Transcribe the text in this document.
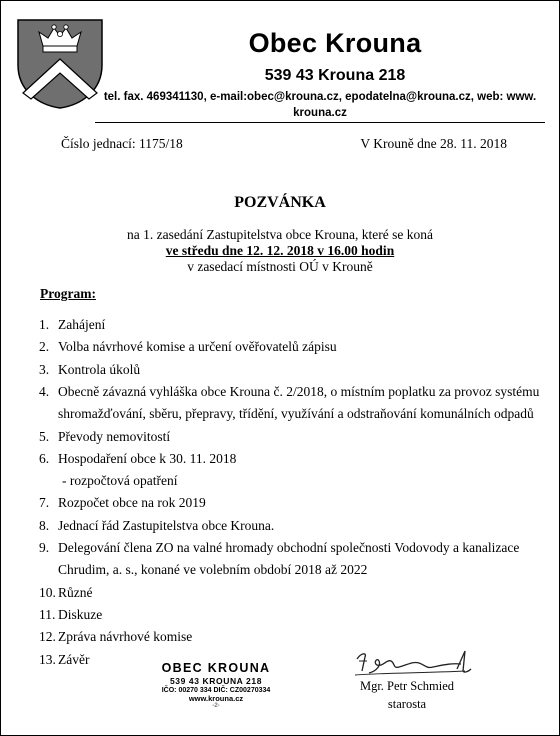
Obec Krouna
539 43 Krouna 218
tel. fax. 469341130, e-mail:obec@krouna.cz, epodatelna@krouna.cz, web: www.
krouna.cz
Číslo jednací: 1175/18	V Krouně dne 28. 11. 2018
POZVÁNKA
na 1. zasedání Zastupitelstva obce Krouna, které se koná
ve středu dne 12. 12. 2018 v 16.00 hodin
v zasedací místnosti OÚ v Krouně
Program:
1. Zahájení
2. Volba návrhové komise a určení ověřovatelů zápisu
3. Kontrola úkolů
4. Obecně závazná vyhláška obce Krouna č. 2/2018, o místním poplatku za provoz systému
shromažďování, sběru, přepravy, třídění, využívání a odstraňování komunálních odpadů
5. Převody nemovitostí
6. Hospodaření obce k 30. 11. 2018
- rozpočtová opatření
7. Rozpočet obce na rok 2019
8. Jednací řád Zastupitelstva obce Krouna.
9. Delegování člena ZO na valné hromady obchodní společnosti Vodovody a kanalizace
Chrudim, a. s., konané ve volebním období 2018 až 2022
10. Různé
11. Diskuze
12. Zpráva návrhové komise
13. Závěr
OBEC KROUNA
539 43 KROUNA 218
IČO: 00270 334 DIČ: CZ00270334
www.krouna.cz
-2-
Mgr. Petr Schmied
starosta
